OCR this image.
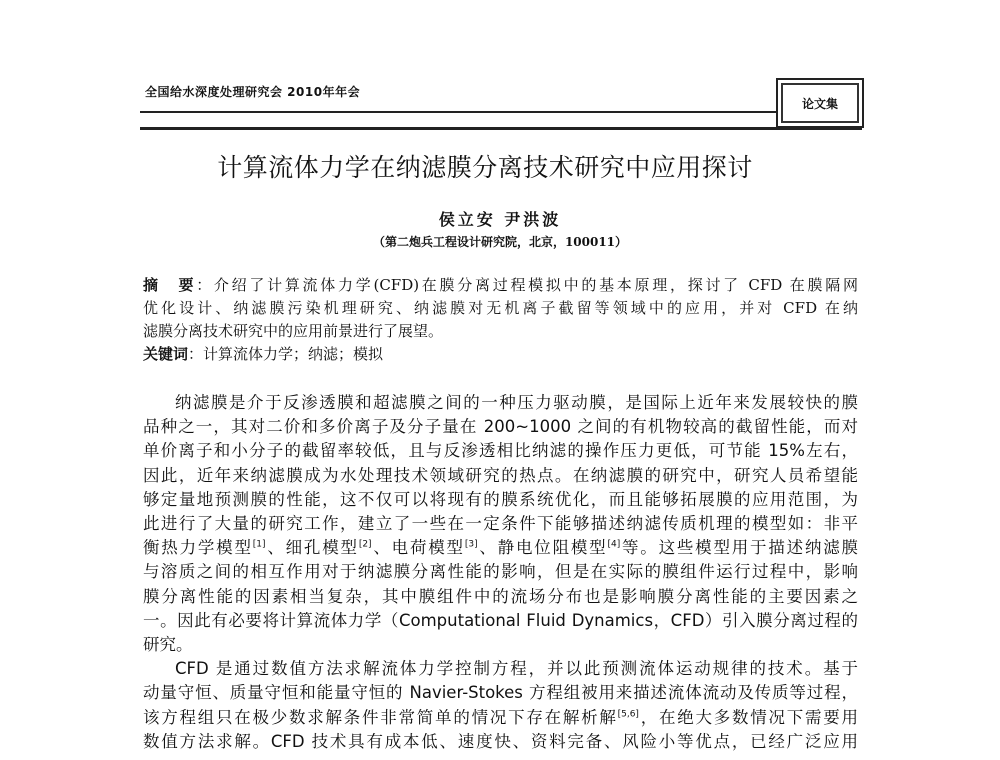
全国给水深度处理研究会 2010年年会
论文集
计算流体力学在纳滤膜分离技术研究中应用探讨
侯立安 尹洪波
（第二炮兵工程设计研究院，北京，100011）
摘　要：介绍了计算流体力学(CFD)在膜分离过程模拟中的基本原理，探讨了 CFD 在膜隔网
优化设计、纳滤膜污染机理研究、纳滤膜对无机离子截留等领域中的应用，并对 CFD 在纳
滤膜分离技术研究中的应用前景进行了展望。
关键词：计算流体力学；纳滤；模拟
纳滤膜是介于反渗透膜和超滤膜之间的一种压力驱动膜，是国际上近年来发展较快的膜
品种之一，其对二价和多价离子及分子量在 200~1000 之间的有机物较高的截留性能，而对
单价离子和小分子的截留率较低，且与反渗透相比纳滤的操作压力更低，可节能 15%左右，
因此，近年来纳滤膜成为水处理技术领域研究的热点。在纳滤膜的研究中，研究人员希望能
够定量地预测膜的性能，这不仅可以将现有的膜系统优化，而且能够拓展膜的应用范围，为
此进行了大量的研究工作，建立了一些在一定条件下能够描述纳滤传质机理的模型如：非平
衡热力学模型[1]、细孔模型[2]、电荷模型[3]、静电位阻模型[4]等。这些模型用于描述纳滤膜
与溶质之间的相互作用对于纳滤膜分离性能的影响，但是在实际的膜组件运行过程中，影响
膜分离性能的因素相当复杂，其中膜组件中的流场分布也是影响膜分离性能的主要因素之
一。因此有必要将计算流体力学（Computational Fluid Dynamics，CFD）引入膜分离过程的
研究。
CFD 是通过数值方法求解流体力学控制方程，并以此预测流体运动规律的技术。基于
动量守恒、质量守恒和能量守恒的 Navier-Stokes 方程组被用来描述流体流动及传质等过程，
该方程组只在极少数求解条件非常简单的情况下存在解析解[5,6]，在绝大多数情况下需要用
数值方法求解。CFD 技术具有成本低、速度快、资料完备、风险小等优点，已经广泛应用
